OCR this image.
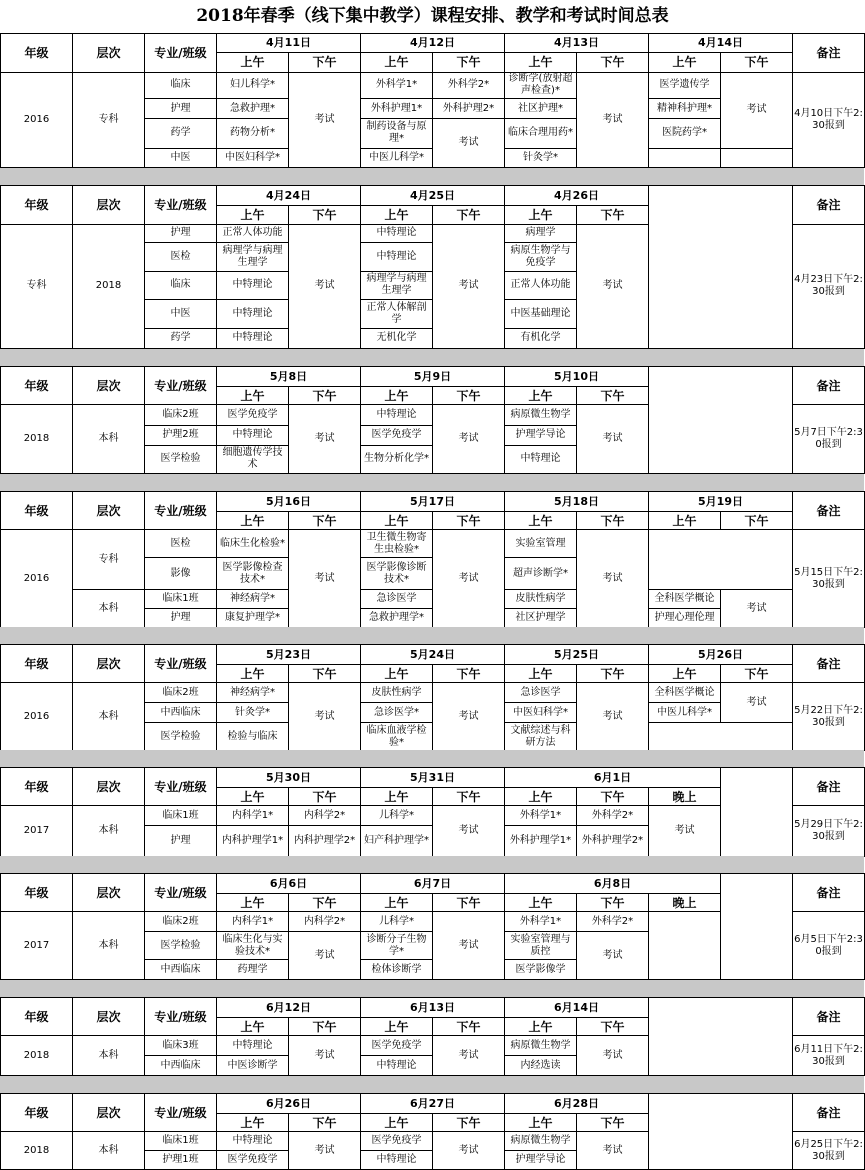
2018年春季（线下集中教学）课程安排、教学和考试时间总表
年级	层次	专业/班级	4月11日		4月12日		4月13日		4月14日		备注
			上午	下午	上午	下午	上午	下午	上午	下午	
2016	专科	临床	妇儿科学*	考试	外科学1*	外科学2*	诊断学(放射超声检查)*	考试	医学遗传学	考试	4月10日下午2:30报到
		护理	急救护理*		外科护理1*	外科护理2*	社区护理*		精神科护理*		
		药学	药物分析*		制药设备与原理*	考试	临床合理用药*		医院药学*		
		中医	中医妇科学*		中医儿科学*		针灸学*				
年级	层次	专业/班级	4月24日		4月25日		4月26日			备注
			上午	下午	上午	下午	上午	下午		
专科	2018	护理	正常人体功能	考试	中特理论	考试	病理学	考试		4月23日下午2:30报到
		医检	病理学与病理生理学		中特理论		病原生物学与免疫学			
		临床	中特理论		病理学与病理生理学		正常人体功能			
		中医	中特理论		正常人体解剖学		中医基础理论			
		药学	中特理论		无机化学		有机化学			
年级	层次	专业/班级	5月8日		5月9日		5月10日			备注
			上午	下午	上午	下午	上午	下午		
2018	本科	临床2班	医学免疫学	考试	中特理论	考试	病原微生物学	考试		5月7日下午2:30报到
		护理2班	中特理论		医学免疫学		护理学导论			
		医学检验	细胞遗传学技术		生物分析化学*		中特理论			
年级	层次	专业/班级	5月16日		5月17日		5月18日		5月19日		备注
			上午	下午	上午	下午	上午	下午	上午	下午	
2016	专科	医检	临床生化检验*	考试	卫生微生物寄生虫检验*	考试	实验室管理	考试			5月15日下午2:30报到
		影像	医学影像检查技术*		医学影像诊断技术*		超声诊断学*				
	本科	临床1班	神经病学*		急诊医学		皮肤性病学		全科医学概论	考试	
		护理	康复护理学*		急救护理学*		社区护理学		护理心理伦理		
年级	层次	专业/班级	5月23日		5月24日		5月25日		5月26日		备注
			上午	下午	上午	下午	上午	下午	上午	下午	
2016	本科	临床2班	神经病学*	考试	皮肤性病学	考试	急诊医学	考试	全科医学概论	考试	5月22日下午2:30报到
		中西临床	针灸学*		急诊医学*		中医妇科学*		中医儿科学*		
		医学检验	检验与临床		临床血液学检验*		文献综述与科研方法				
年级	层次	专业/班级	5月30日		5月31日		6月1日				备注
			上午	下午	上午	下午	上午	下午	晚上		
2017	本科	临床1班	内科学1*	内科学2*	儿科学*	考试	外科学1*	外科学2*	考试		5月29日下午2:30报到
		护理	内科护理学1*	内科护理学2*	妇产科护理学*		外科护理学1*	外科护理学2*			
年级	层次	专业/班级	6月6日		6月7日		6月8日				备注
			上午	下午	上午	下午	上午	下午	晚上		
2017	本科	临床2班	内科学1*	内科学2*	儿科学*	考试	外科学1*	外科学2*			6月5日下午2:30报到
		医学检验	临床生化与实验技术*	考试	诊断分子生物学*		实验室管理与质控	考试			
		中西临床	药理学		检体诊断学		医学影像学				
年级	层次	专业/班级	6月12日		6月13日		6月14日			备注
			上午	下午	上午	下午	上午	下午		
2018	本科	临床3班	中特理论	考试	医学免疫学	考试	病原微生物学	考试		6月11日下午2:30报到
		中西临床	中医诊断学		中特理论		内经选读			
年级	层次	专业/班级	6月26日		6月27日		6月28日			备注
			上午	下午	上午	下午	上午	下午		
2018	本科	临床1班	中特理论	考试	医学免疫学	考试	病原微生物学	考试		6月25日下午2:30报到
		护理1班	医学免疫学		中特理论		护理学导论			
